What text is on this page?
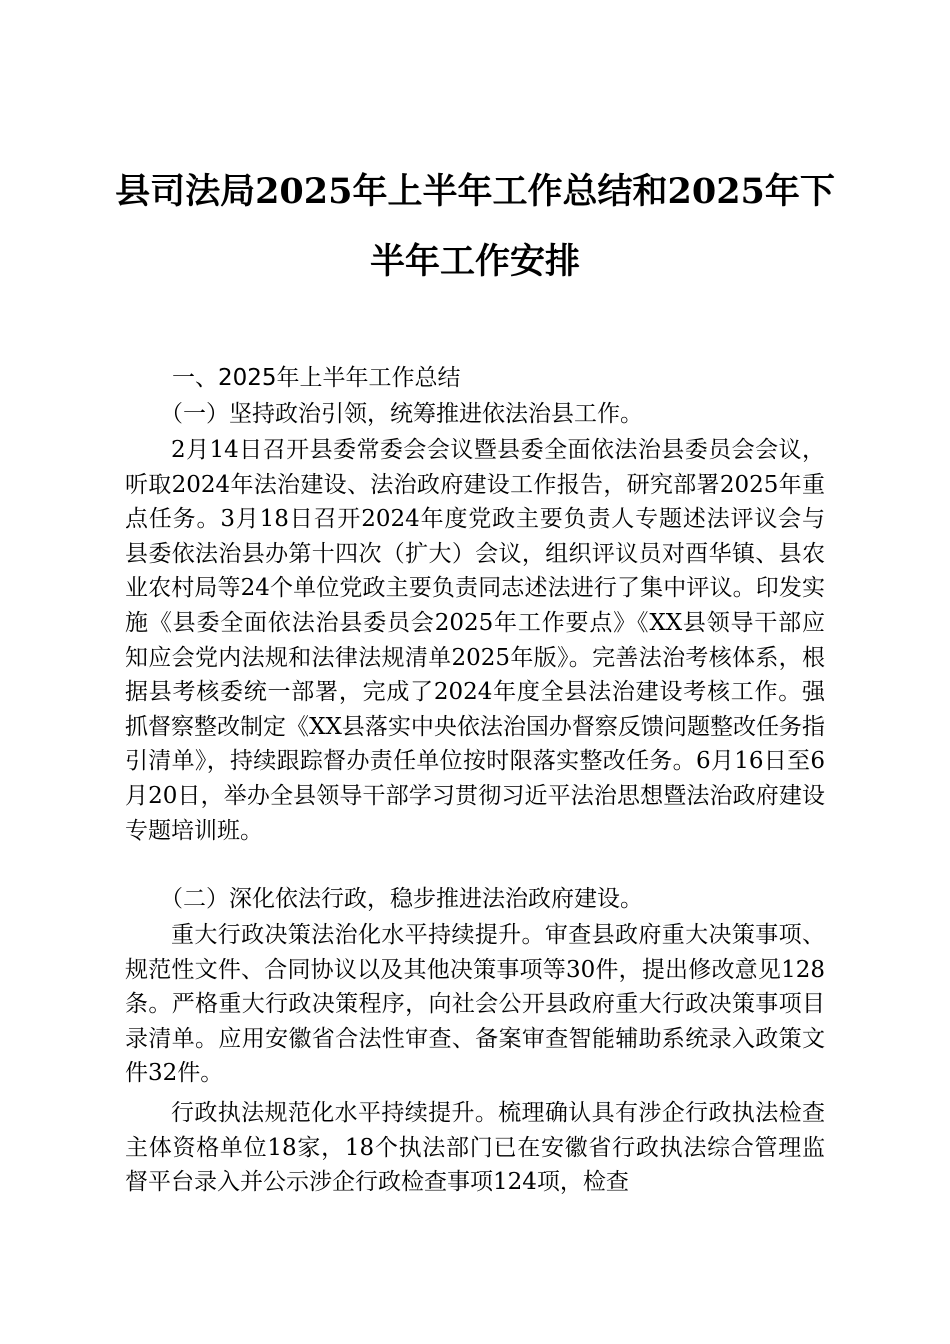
县司法局2025年上半年工作总结和2025年下
半年工作安排
一、2025年上半年工作总结
（一）坚持政治引领，统筹推进依法治县工作。

2月14日召开县委常委会会议暨县委全面依法治县委员会会议，听取2024年法治建设、法治政府建设工作报告，研究部署2025年重点任务。3月18日召开2024年度党政主要负责人专题述法评议会与县委依法治县办第十四次（扩大）会议，组织评议员对酉华镇、县农业农村局等24个单位党政主要负责同志述法进行了集中评议。印发实施《县委全面依法治县委员会2025年工作要点》《XX县领导干部应知应会党内法规和法律法规清单2025年版》。完善法治考核体系，根据县考核委统一部署，完成了2024年度全县法治建设考核工作。强抓督察整改制定《XX县落实中央依法治国办督察反馈问题整改任务指引清单》，持续跟踪督办责任单位按时限落实整改任务。6月16日至6月20日，举办全县领导干部学习贯彻习近平法治思想暨法治政府建设专题培训班。

（二）深化依法行政，稳步推进法治政府建设。

重大行政决策法治化水平持续提升。审查县政府重大决策事项、规范性文件、合同协议以及其他决策事项等30件，提出修改意见128条。严格重大行政决策程序，向社会公开县政府重大行政决策事项目录清单。应用安徽省合法性审查、备案审查智能辅助系统录入政策文件32件。

行政执法规范化水平持续提升。梳理确认具有涉企行政执法检查主体资格单位18家，18个执法部门已在安徽省行政执法综合管理监督平台录入并公示涉企行政检查事项124项，检查
